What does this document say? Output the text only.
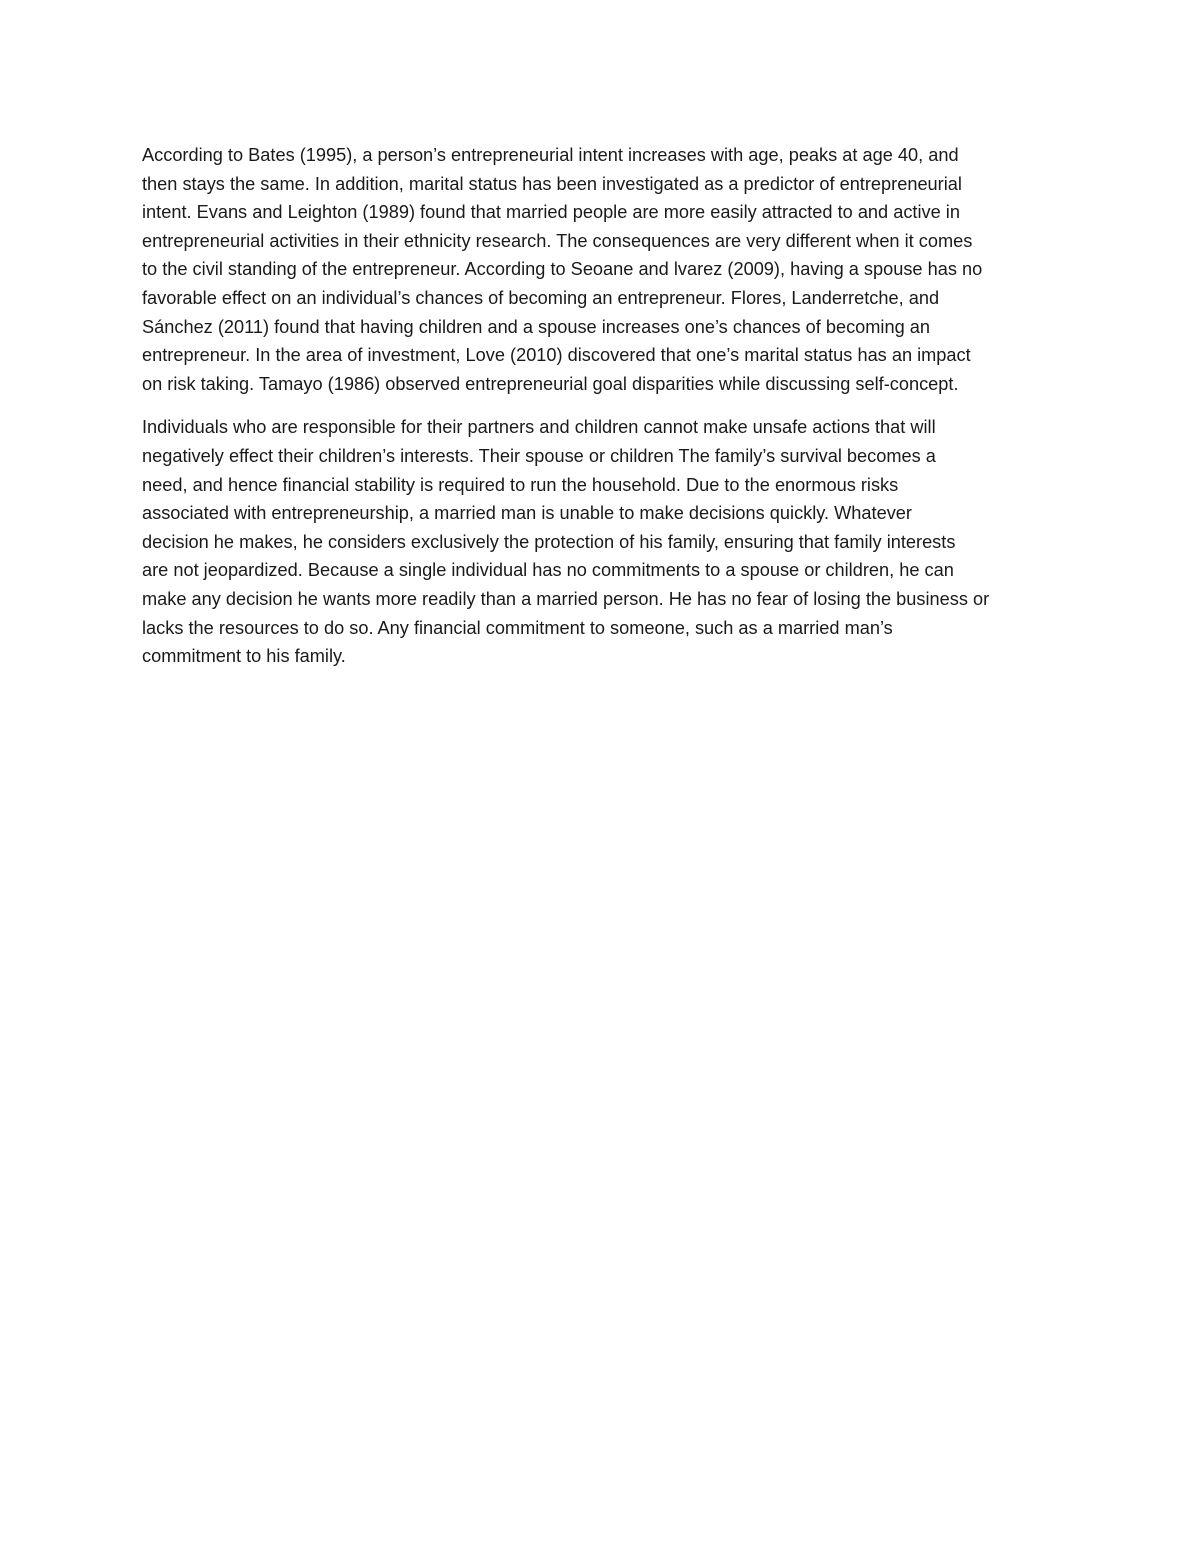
According to Bates (1995), a person’s entrepreneurial intent increases with age, peaks at age 40, and
then stays the same. In addition, marital status has been investigated as a predictor of entrepreneurial
intent. Evans and Leighton (1989) found that married people are more easily attracted to and active in
entrepreneurial activities in their ethnicity research. The consequences are very different when it comes
to the civil standing of the entrepreneur. According to Seoane and lvarez (2009), having a spouse has no
favorable effect on an individual’s chances of becoming an entrepreneur. Flores, Landerretche, and
Sánchez (2011) found that having children and a spouse increases one’s chances of becoming an
entrepreneur. In the area of investment, Love (2010) discovered that one’s marital status has an impact
on risk taking. Tamayo (1986) observed entrepreneurial goal disparities while discussing self-concept.

Individuals who are responsible for their partners and children cannot make unsafe actions that will
negatively effect their children’s interests. Their spouse or children The family’s survival becomes a
need, and hence financial stability is required to run the household. Due to the enormous risks
associated with entrepreneurship, a married man is unable to make decisions quickly. Whatever
decision he makes, he considers exclusively the protection of his family, ensuring that family interests
are not jeopardized. Because a single individual has no commitments to a spouse or children, he can
make any decision he wants more readily than a married person. He has no fear of losing the business or
lacks the resources to do so. Any financial commitment to someone, such as a married man’s
commitment to his family.
